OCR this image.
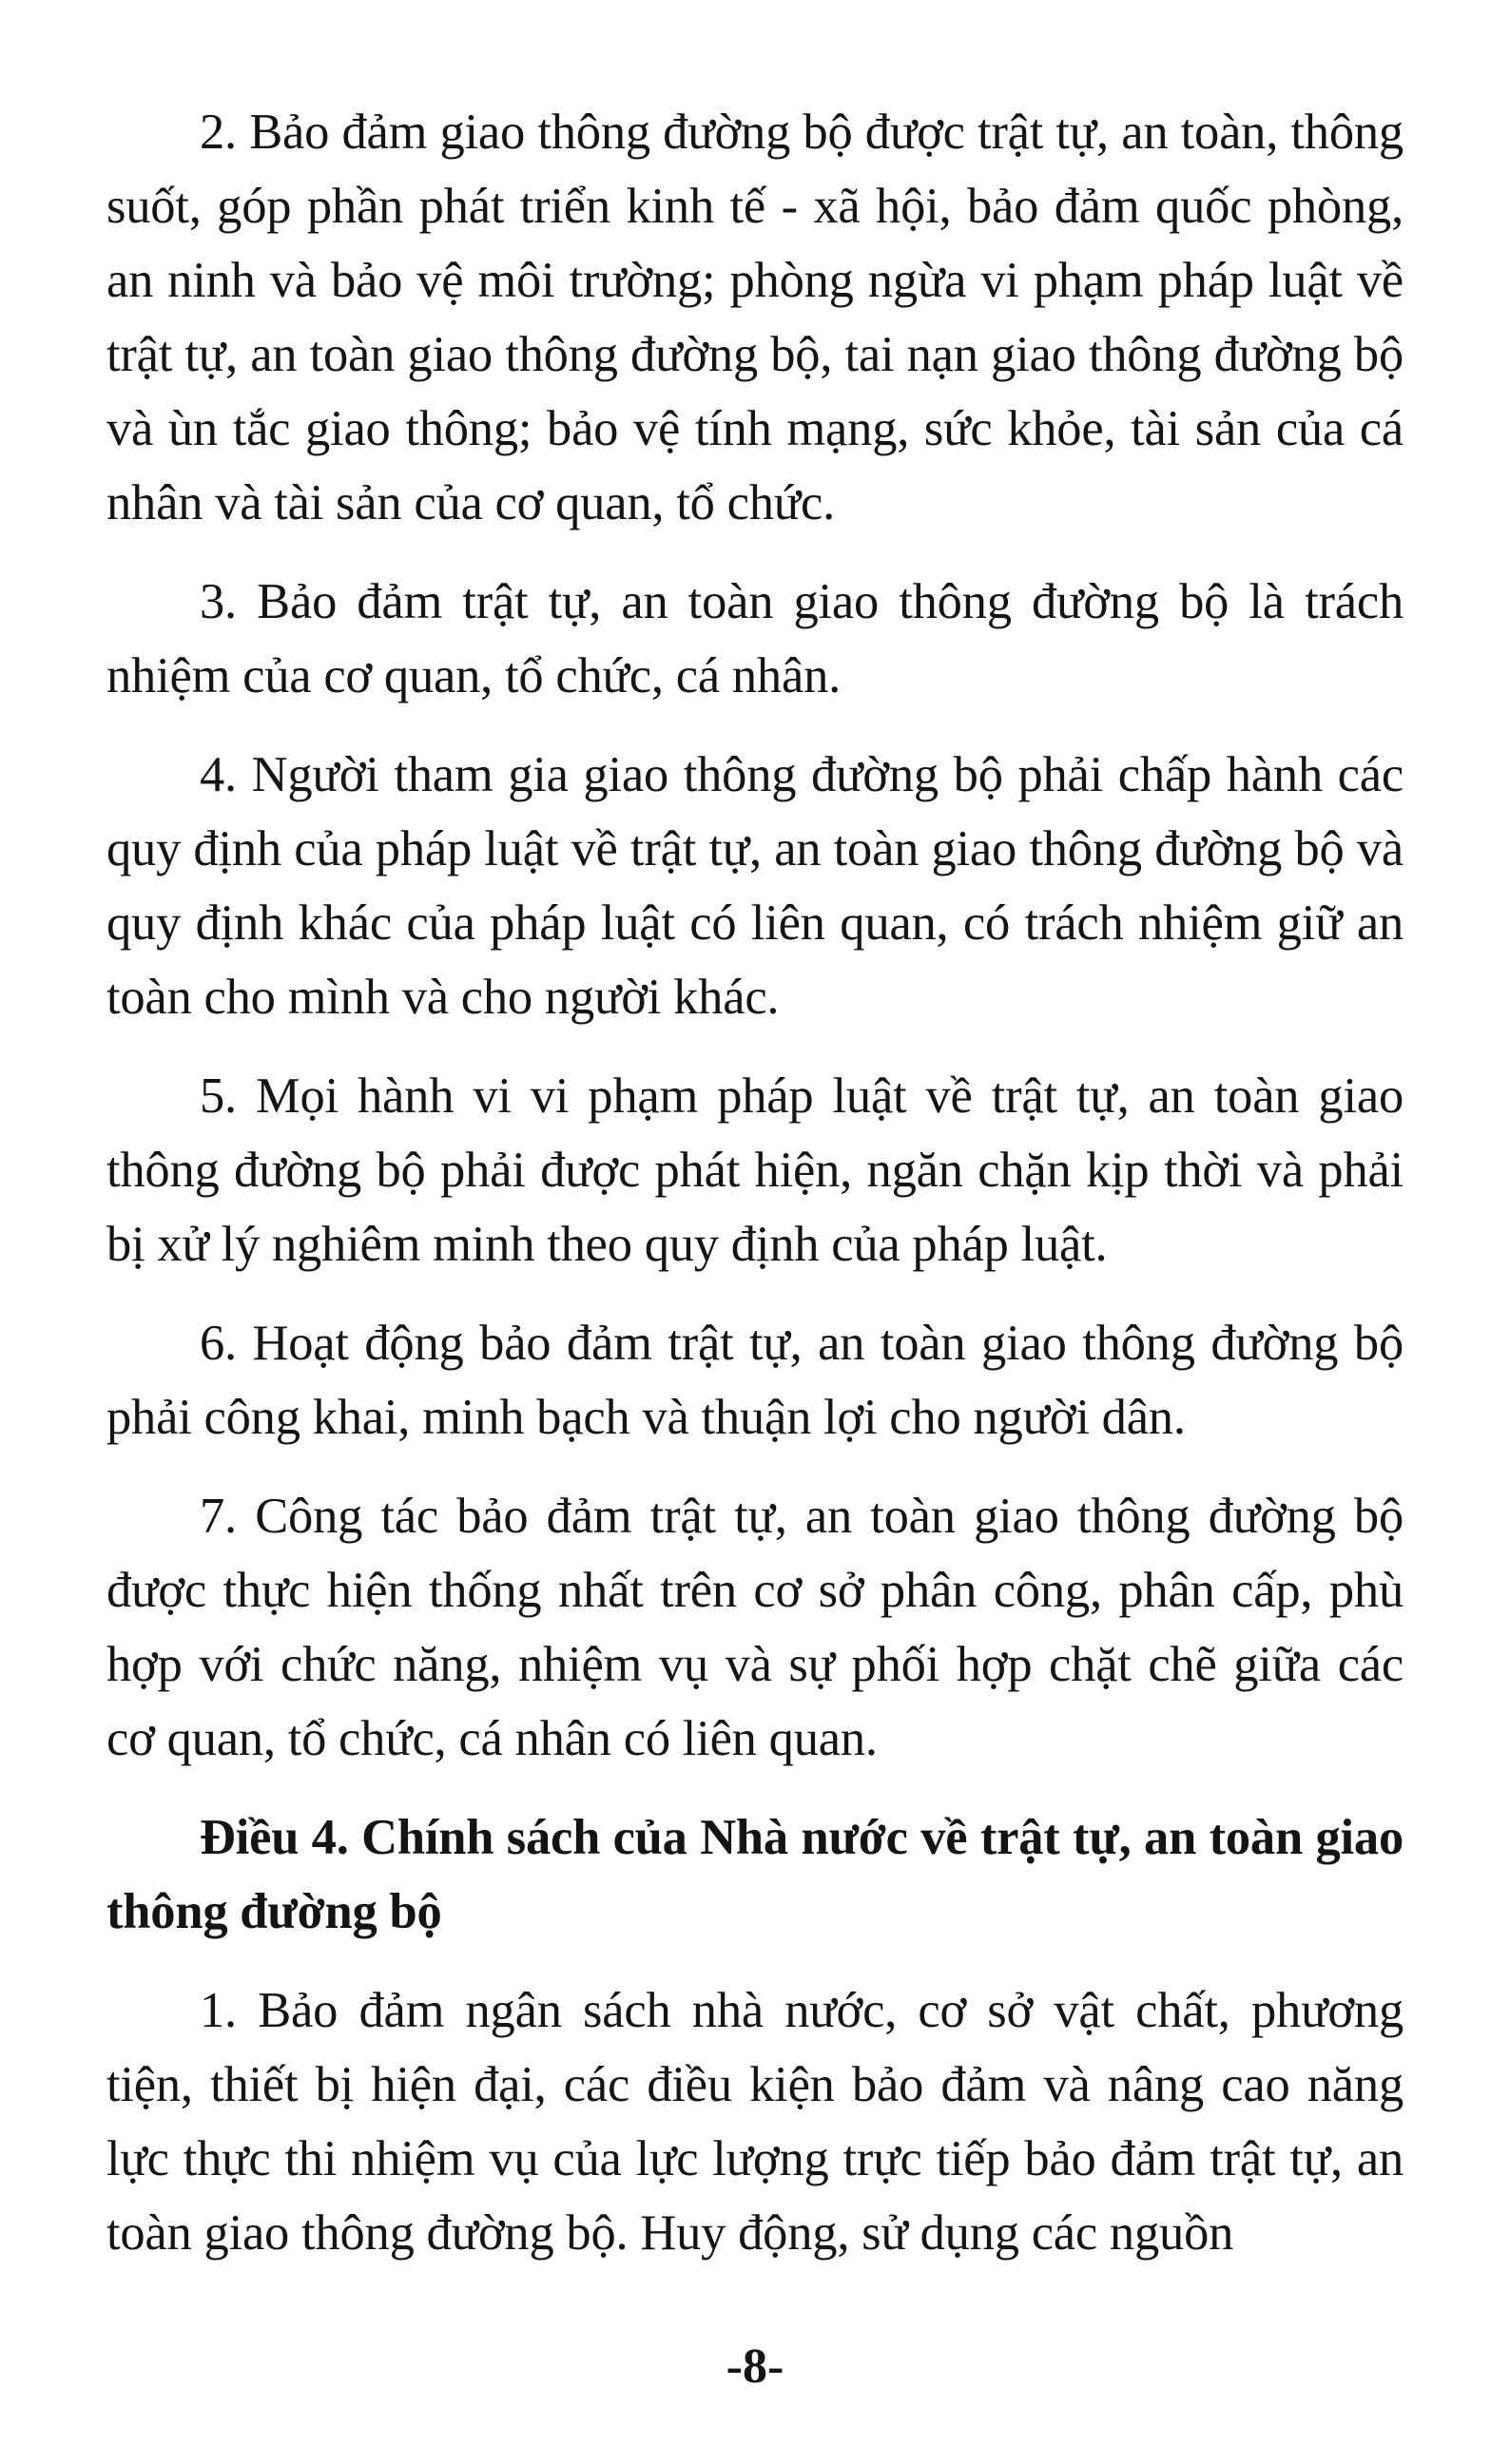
2. Bảo đảm giao thông đường bộ được trật tự, an toàn, thông suốt, góp phần phát triển kinh tế - xã hội, bảo đảm quốc phòng, an ninh và bảo vệ môi trường; phòng ngừa vi phạm pháp luật về trật tự, an toàn giao thông đường bộ, tai nạn giao thông đường bộ và ùn tắc giao thông; bảo vệ tính mạng, sức khỏe, tài sản của cá nhân và tài sản của cơ quan, tổ chức.

3. Bảo đảm trật tự, an toàn giao thông đường bộ là trách nhiệm của cơ quan, tổ chức, cá nhân.

4. Người tham gia giao thông đường bộ phải chấp hành các quy định của pháp luật về trật tự, an toàn giao thông đường bộ và quy định khác của pháp luật có liên quan, có trách nhiệm giữ an toàn cho mình và cho người khác.

5. Mọi hành vi vi phạm pháp luật về trật tự, an toàn giao thông đường bộ phải được phát hiện, ngăn chặn kịp thời và phải bị xử lý nghiêm minh theo quy định của pháp luật.

6. Hoạt động bảo đảm trật tự, an toàn giao thông đường bộ phải công khai, minh bạch và thuận lợi cho người dân.

7. Công tác bảo đảm trật tự, an toàn giao thông đường bộ được thực hiện thống nhất trên cơ sở phân công, phân cấp, phù hợp với chức năng, nhiệm vụ và sự phối hợp chặt chẽ giữa các cơ quan, tổ chức, cá nhân có liên quan.

Điều 4. Chính sách của Nhà nước về trật tự, an toàn giao thông đường bộ

1. Bảo đảm ngân sách nhà nước, cơ sở vật chất, phương tiện, thiết bị hiện đại, các điều kiện bảo đảm và nâng cao năng lực thực thi nhiệm vụ của lực lượng trực tiếp bảo đảm trật tự, an toàn giao thông đường bộ. Huy động, sử dụng các nguồn

-8-
